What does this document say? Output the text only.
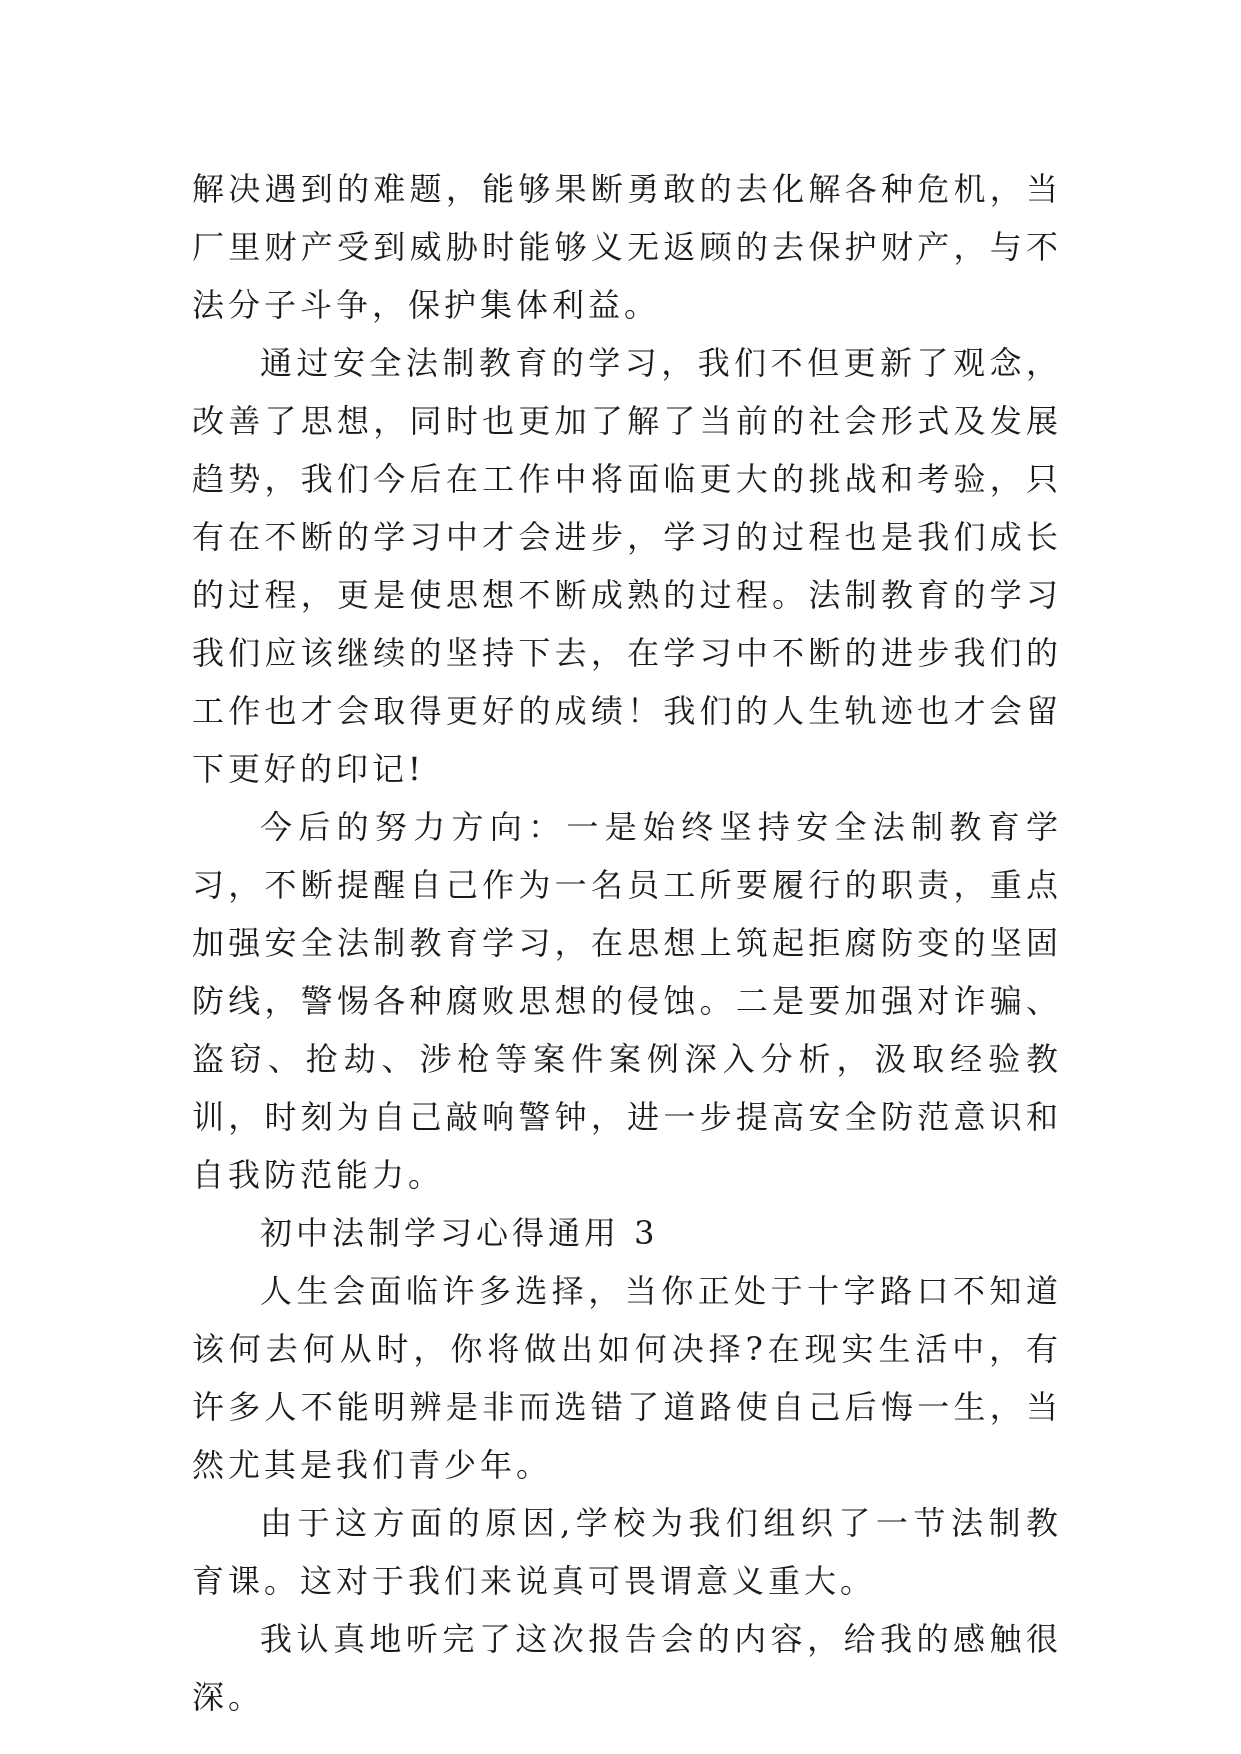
解决遇到的难题，能够果断勇敢的去化解各种危机，当厂里财产受到威胁时能够义无返顾的去保护财产，与不法分子斗争，保护集体利益。

通过安全法制教育的学习，我们不但更新了观念，改善了思想，同时也更加了解了当前的社会形式及发展趋势，我们今后在工作中将面临更大的挑战和考验，只有在不断的学习中才会进步，学习的过程也是我们成长的过程，更是使思想不断成熟的过程。法制教育的学习我们应该继续的坚持下去，在学习中不断的进步我们的工作也才会取得更好的成绩！我们的人生轨迹也才会留下更好的印记!

今后的努力方向：一是始终坚持安全法制教育学习，不断提醒自己作为一名员工所要履行的职责，重点加强安全法制教育学习，在思想上筑起拒腐防变的坚固防线，警惕各种腐败思想的侵蚀。二是要加强对诈骗、盗窃、抢劫、涉枪等案件案例深入分析，汲取经验教训，时刻为自己敲响警钟，进一步提高安全防范意识和自我防范能力。

初中法制学习心得通用 3

人生会面临许多选择，当你正处于十字路口不知道该何去何从时，你将做出如何决择?在现实生活中，有许多人不能明辨是非而选错了道路使自己后悔一生，当然尤其是我们青少年。

由于这方面的原因,学校为我们组织了一节法制教育课。这对于我们来说真可畏谓意义重大。

我认真地听完了这次报告会的内容，给我的感触很深。
